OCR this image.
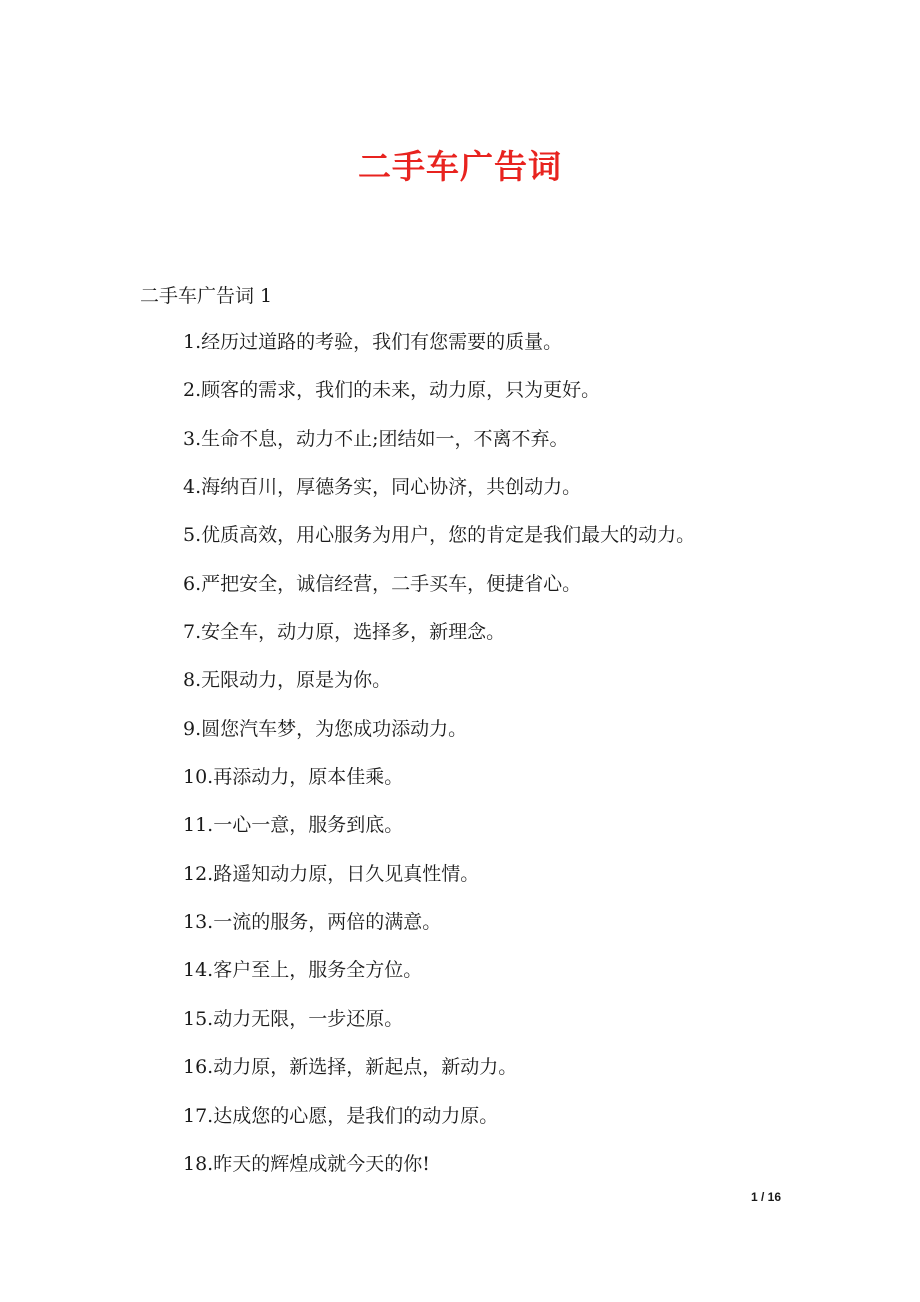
二手车广告词
二手车广告词 1
1.经历过道路的考验，我们有您需要的质量。
2.顾客的需求，我们的未来，动力原，只为更好。
3.生命不息，动力不止;团结如一，不离不弃。
4.海纳百川，厚德务实，同心协济，共创动力。
5.优质高效，用心服务为用户，您的肯定是我们最大的动力。
6.严把安全，诚信经营，二手买车，便捷省心。
7.安全车，动力原，选择多，新理念。
8.无限动力，原是为你。
9.圆您汽车梦，为您成功添动力。
10.再添动力，原本佳乘。
11.一心一意，服务到底。
12.路遥知动力原，日久见真性情。
13.一流的服务，两倍的满意。
14.客户至上，服务全方位。
15.动力无限，一步还原。
16.动力原，新选择，新起点，新动力。
17.达成您的心愿，是我们的动力原。
18.昨天的辉煌成就今天的你!
1 / 16
